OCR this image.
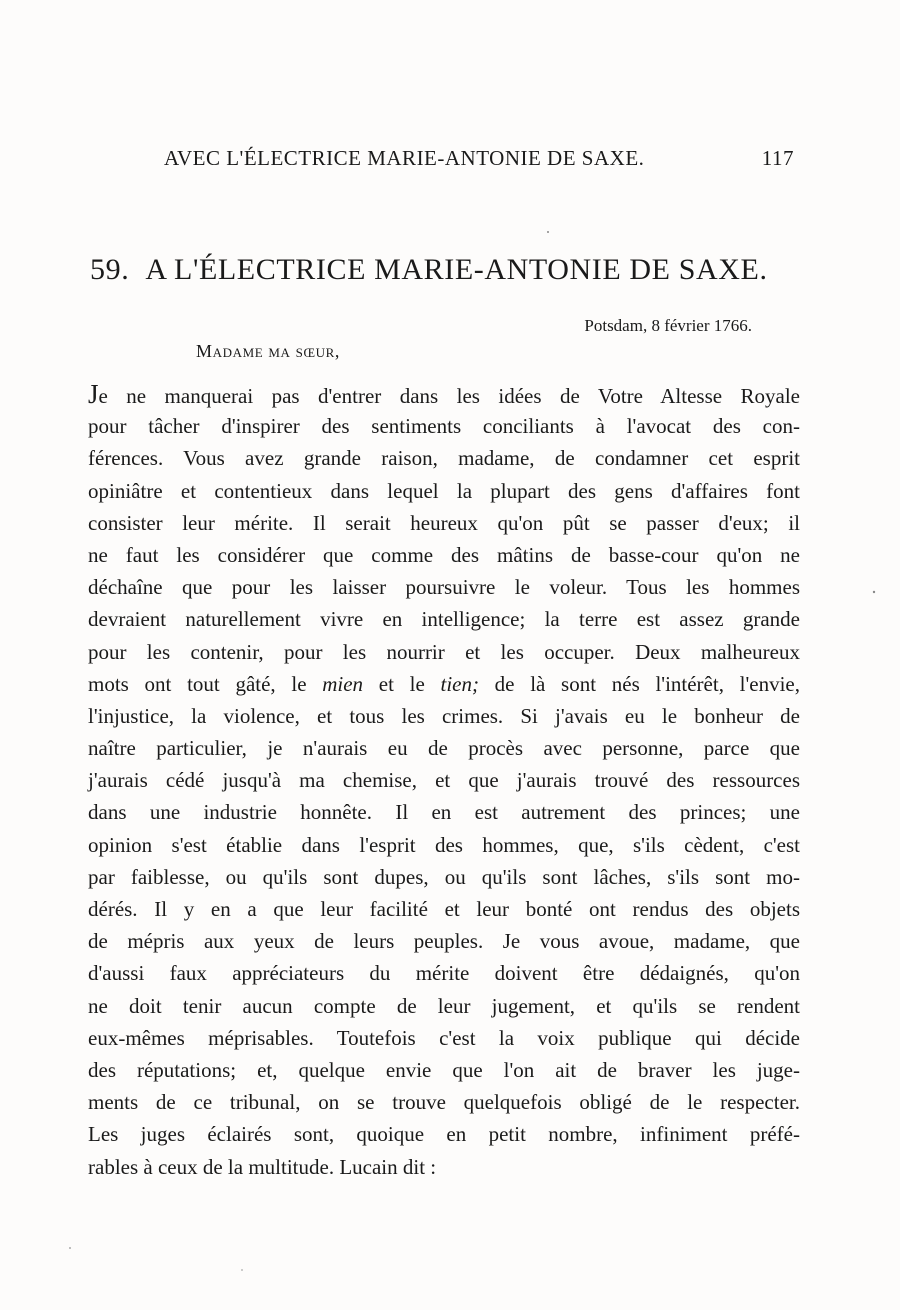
AVEC L'ÉLECTRICE MARIE-ANTONIE DE SAXE.	117
59. A L'ÉLECTRICE MARIE-ANTONIE DE SAXE.
Potsdam, 8 février 1766.
Madame ma sœur,
Je ne manquerai pas d'entrer dans les idées de Votre Altesse Royale
pour tâcher d'inspirer des sentiments conciliants à l'avocat des con-
férences. Vous avez grande raison, madame, de condamner cet esprit
opiniâtre et contentieux dans lequel la plupart des gens d'affaires font
consister leur mérite. Il serait heureux qu'on pût se passer d'eux; il
ne faut les considérer que comme des mâtins de basse-cour qu'on ne
déchaîne que pour les laisser poursuivre le voleur. Tous les hommes
devraient naturellement vivre en intelligence; la terre est assez grande
pour les contenir, pour les nourrir et les occuper. Deux malheureux
mots ont tout gâté, le mien et le tien; de là sont nés l'intérêt, l'envie,
l'injustice, la violence, et tous les crimes. Si j'avais eu le bonheur de
naître particulier, je n'aurais eu de procès avec personne, parce que
j'aurais cédé jusqu'à ma chemise, et que j'aurais trouvé des ressources
dans une industrie honnête. Il en est autrement des princes; une
opinion s'est établie dans l'esprit des hommes, que, s'ils cèdent, c'est
par faiblesse, ou qu'ils sont dupes, ou qu'ils sont lâches, s'ils sont mo-
dérés. Il y en a que leur facilité et leur bonté ont rendus des objets
de mépris aux yeux de leurs peuples. Je vous avoue, madame, que
d'aussi faux appréciateurs du mérite doivent être dédaignés, qu'on
ne doit tenir aucun compte de leur jugement, et qu'ils se rendent
eux-mêmes méprisables. Toutefois c'est la voix publique qui décide
des réputations; et, quelque envie que l'on ait de braver les juge-
ments de ce tribunal, on se trouve quelquefois obligé de le respecter.
Les juges éclairés sont, quoique en petit nombre, infiniment préfé-
rables à ceux de la multitude. Lucain dit :
